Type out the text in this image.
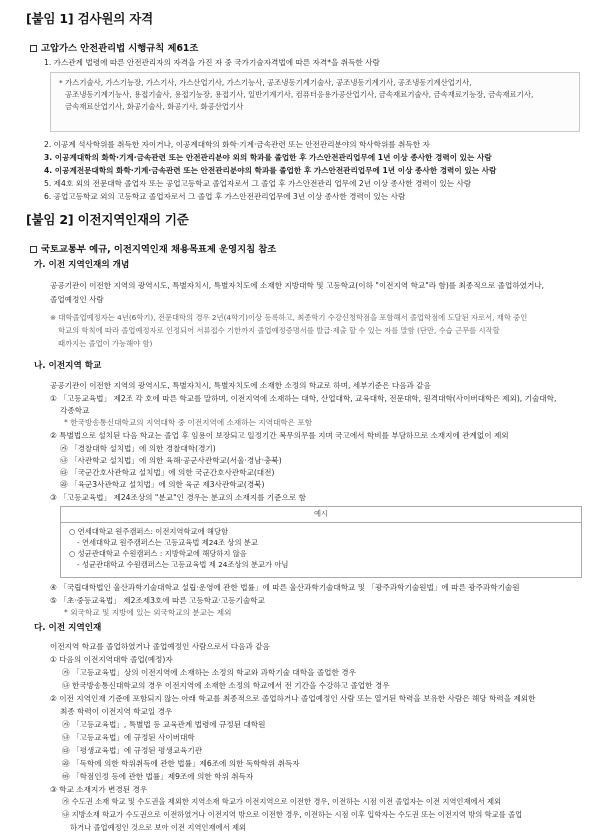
[붙임 1] 검사원의 자격
고압가스 안전관리법 시행규칙 제61조
1. 가스관계 법령에 따른 안전관리자의 자격을 가진 자 중 국가기술자격법에 따른 자격*을 취득한 사람
* 가스기술사, 가스기능장, 가스기사, 가스산업기사, 가스기능사, 공조냉동기계기술사, 공조냉동기계기사, 공조냉동기계산업기사,
공조냉동기계기능사, 용접기술사, 용접기능장, 용접기사, 일반기계기사, 컴퓨터응용가공산업기사, 금속재료기술사, 금속재료기능장, 금속재료기사,
금속재료산업기사, 화공기술사, 화공기사, 화공산업기사
2. 이공계 석사학위를 취득한 자이거나, 이공계대학의 화학·기계·금속관련 또는 안전관리분야의 학사학위를 취득한 자
3. 이공계대학의 화학·기계·금속관련 또는 안전관리분야 외의 학과를 졸업한 후 가스안전관리업무에 1년 이상 종사한 경력이 있는 사람
4. 이공계전문대학의 화학·기계·금속관련 또는 안전관리분야의 학과를 졸업한 후 가스안전관리업무에 1년 이상 종사한 경력이 있는 사람
5. 제4호 외의 전문대학 졸업자 또는 공업고등학교 졸업자로서 그 졸업 후 가스안전관리 업무에 2년 이상 종사한 경력이 있는 사람
6. 공업고등학교 외의 고등학교 졸업자로서 그 졸업 후 가스안전관리업무에 3년 이상 종사한 경력이 있는 사람
[붙임 2] 이전지역인재의 기준
국토교통부 예규, 이전지역인재 채용목표제 운영지침 참조
가. 이전 지역인재의 개념
공공기관이 이전한 지역의 광역시도, 특별자치시, 특별자치도에 소재한 지방대학 및 고등학교(이하 "이전지역 학교"라 함)를 최종적으로 졸업하였거나,
졸업예정인 사람
※ 대학졸업예정자는 4년(6학기), 전문대학의 경우 2년(4학기)이상 등록하고, 최종학기 수강신청학점을 포함해서 졸업학점에 도달된 자로서, 재학 중인
학교의 학칙에 따라 졸업예정자로 인정되어 서류접수 기한까지 졸업예정증명서를 발급·제출 할 수 있는 자를 말함 (단만, 수습 근무를 시작할
때까지는 졸업이 가능해야 함)
나. 이전지역 학교
공공기관이 이전한 지역의 광역시도, 특별자치시, 특별자치도에 소재한 소정의 학교로 하며, 세부기준은 다음과 같음
① 「고등교육법」 제2조 각 호에 따른 학교를 말하며, 이전지역에 소재하는 대학, 산업대학, 교육대학, 전문대학, 원격대학(사이버대학은 제외), 기술대학,
각종학교
* 한국방송통신대학교의 지역대학 중 이전지역에 소재하는 지역대학은 포함
② 특별법으로 설치된 다음 학교는 졸업 후 임용이 보장되고 일정기간 복무의무를 지며 국고에서 학비를 부담하므로 소재지에 관계없이 제외
㉮ 「경찰대학 설치법」에 의한 경찰대학(경기)
㉯ 「사관학교 설치법」에 의한 육해·공군사관학교(서울·경남·충북)
㉰ 「국군간호사관학교 설치법」에 의한 국군간호사관학교(대전)
㉱ 「육군3사관학교 설치법」에 의한 육군 제3사관학교(경북)
③ 「고등교육법」 제24조상의 "분교"인 경우는 분교의 소재지를 기준으로 함
예시
○ 연세대학교 원주캠퍼스: 이전지역학교에 해당함
- 연세대학교 원주캠퍼스는 고등교육법 제24조 상의 분교
○ 성균관대학교 수원캠퍼스 : 지방학교에 해당하지 않음
- 성균관대학교 수원캠퍼스는 고등교육법 제 24조상의 분교가 아님
④ 「국립대학법인 울산과학기술대학교 설립·운영에 관한 법률」에 따른 울산과학기술대학교 및 「광주과학기술원법」에 따른 광주과학기술원
⑤ 「초·중등교육법」 제2조제3호에 따른 고등학교·고등기술학교
* 외국학교 및 지방에 있는 외국학교의 분교는 제외
다. 이전 지역인재
이전지역 학교를 졸업하였거나 졸업예정인 사람으로서 다음과 같음
① 다음의 이전지역대학 졸업(예정)자
㉮ 「고등교육법」상의 이전지역에 소재하는 소정의 학교와 과학기술 대학을 졸업한 경우
㉯ 한국방송통신대학교의 경우 이전지역에 소재한 소정의 학교에서 전 기간을 수강하고 졸업한 경우
② 이전 지역인재 기준에 포함되지 않는 아래 학교를 최종적으로 졸업하거나 졸업예정인 사람 또는 열거된 학력을 보유한 사람은 해당 학력을 제외한
최종 학력이 이전지역 학교일 경우
㉮ 「고등교육법」, 특별법 등 교육관계 법령에 규정된 대학원
㉯ 「고등교육법」에 규정된 사이버대학
㉰ 「평생교육법」에 규정된 평생교육기관
㉱ 「독학에 의한 학위취득에 관한 법률」제6조에 의한 독학학위 취득자
㉲ 「학점인정 등에 관한 법률」제9조에 의한 학위 취득자
③ 학교 소재지가 변경된 경우
㉮ 수도권 소재 학교 및 수도권을 제외한 지역소재 학교가 이전지역으로 이전한 경우, 이전하는 시점 이전 졸업자는 이전 지역인재에서 제외
㉯ 지방소재 학교가 수도권으로 이전하였거나 이전지역 밖으로 이전한 경우, 이전하는 시점 이후 입학자는 수도권 또는 이전지역 밖의 학교를 졸업
하거나 졸업예정인 것으로 보아 이전 지역인재에서 제외
